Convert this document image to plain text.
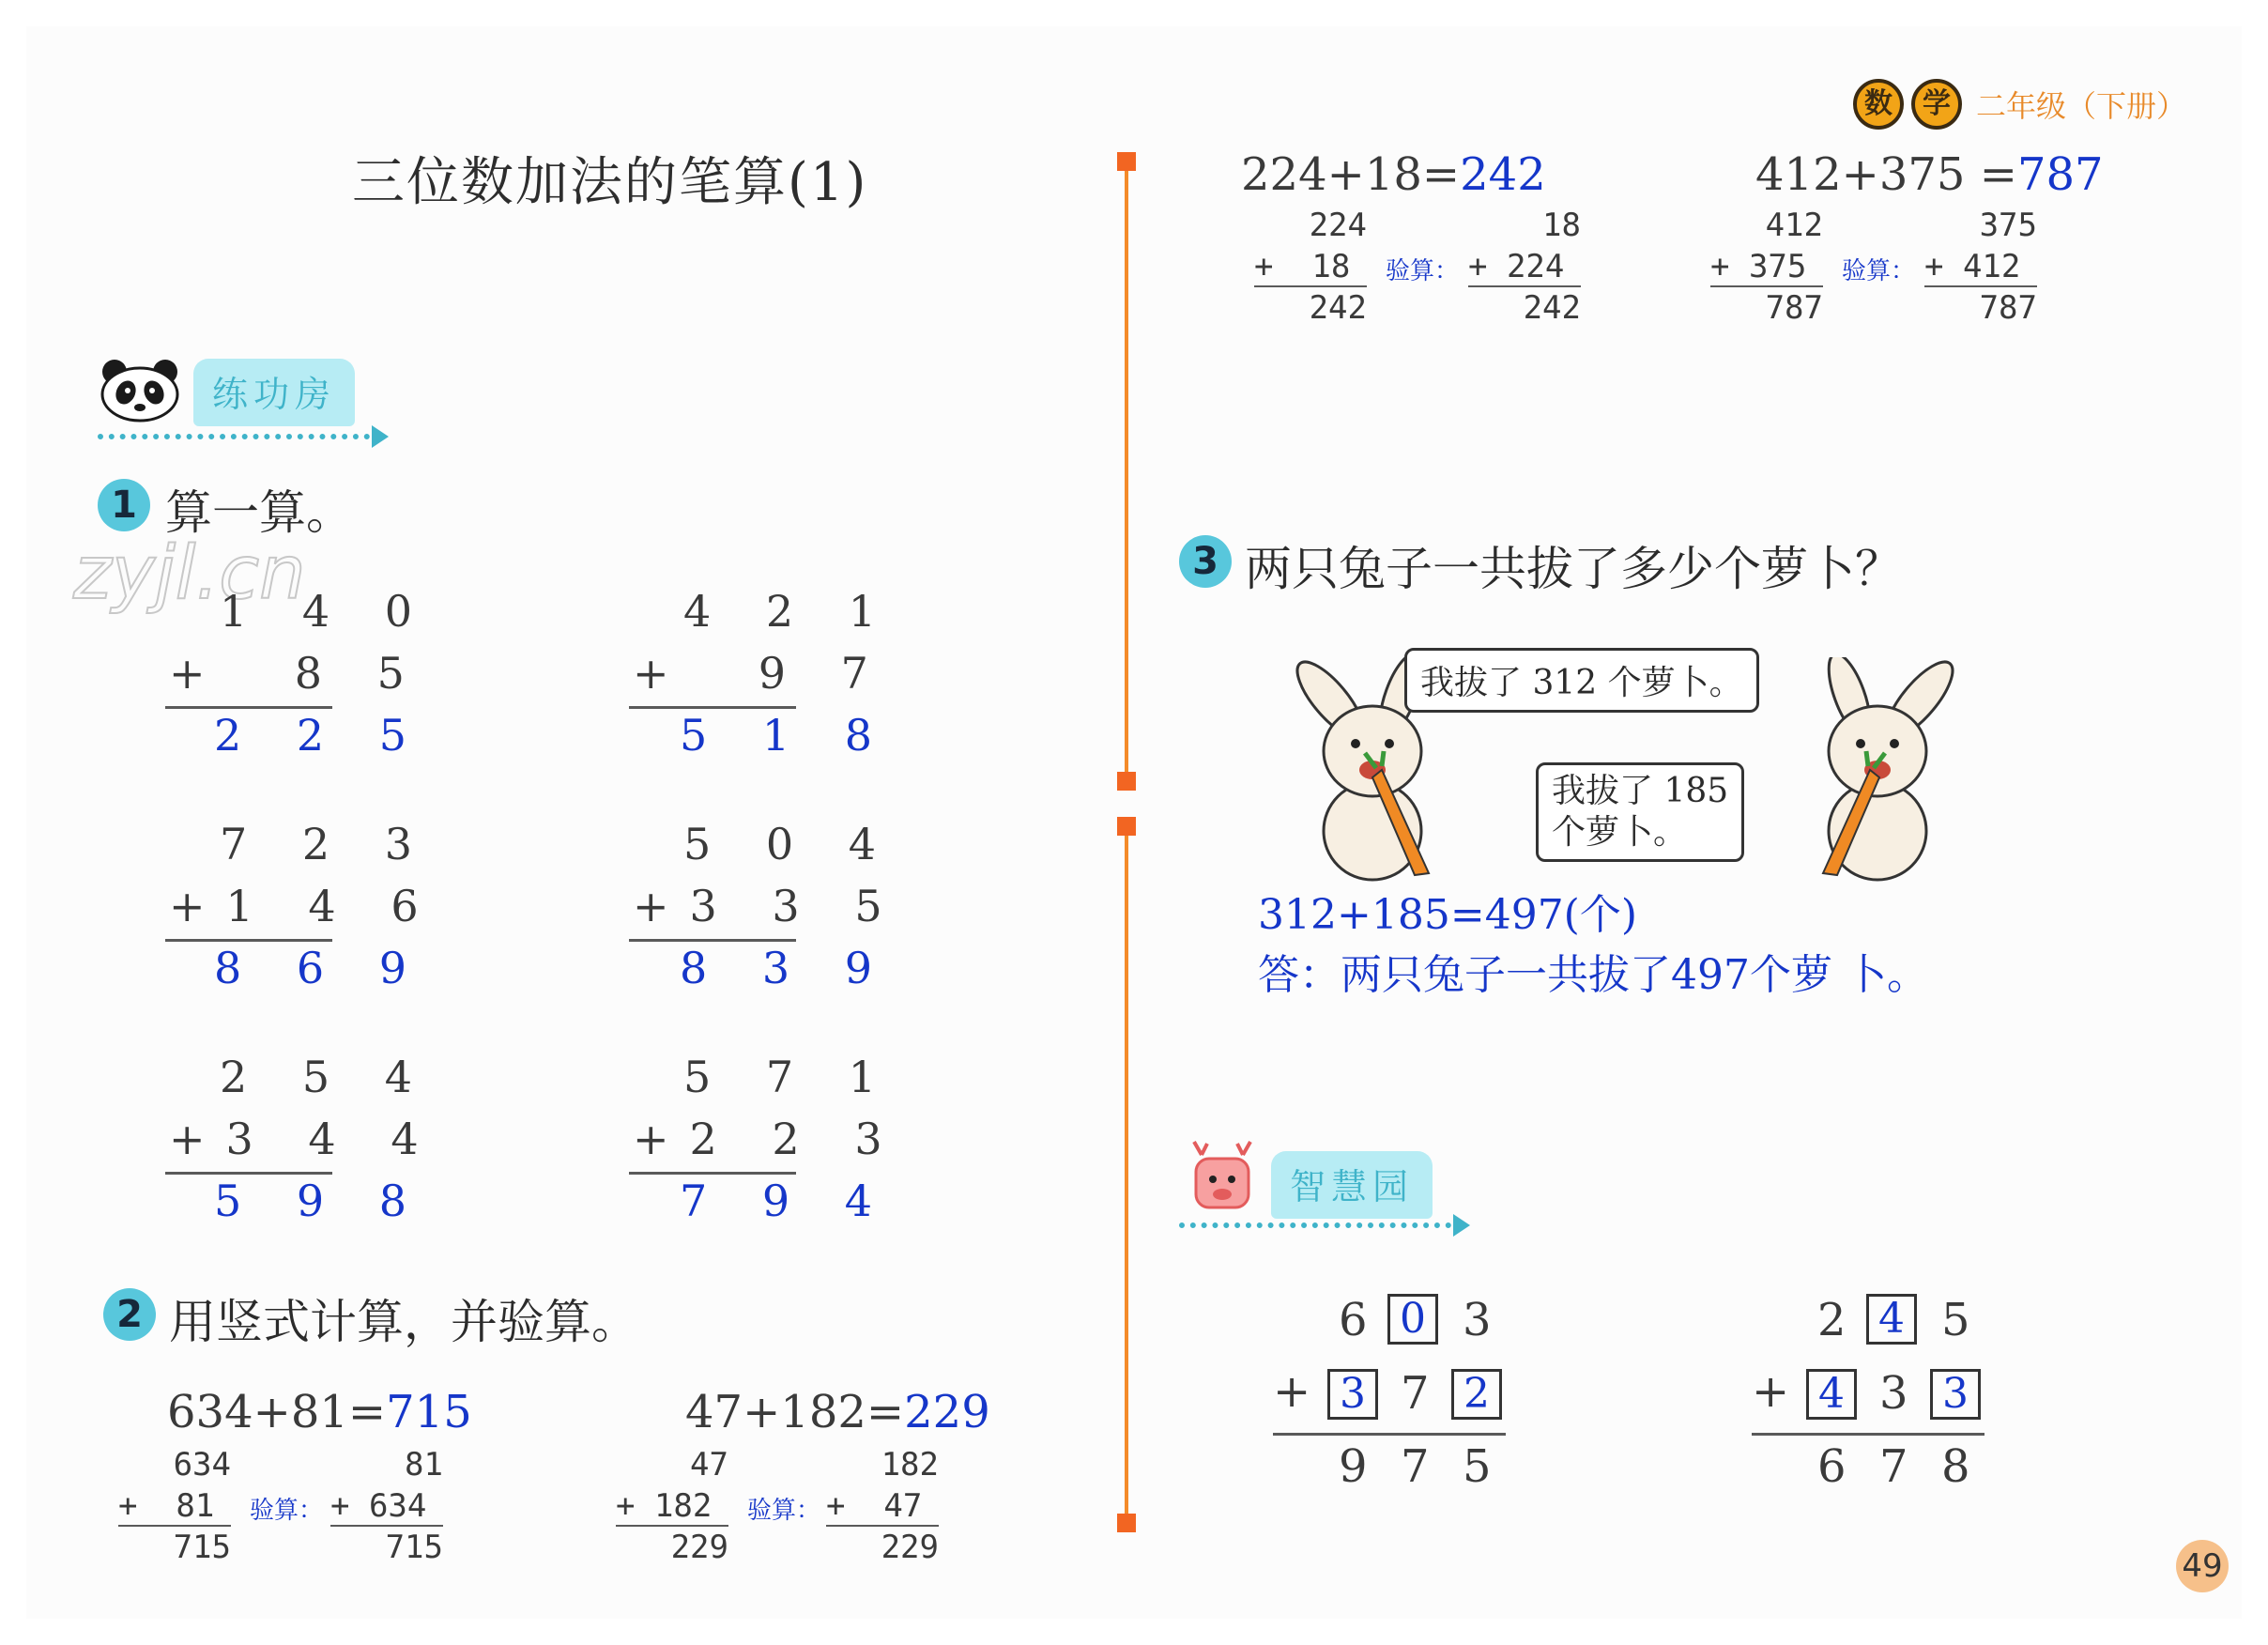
数	学 二年级（下册）
三位数加法的笔算(1)
练功房
zyjl.cn
1 算一算。
1 4 0
+  8 5
2 2 5
4 2 1
+  9 7
5 1 8
7 2 3
+1 4 6
8 6 9
5 0 4
+3 3 5
8 3 9
2 5 4
+3 4 4
5 9 8
5 7 1
+2 2 3
7 9 4
2 用竖式计算，并验算。
634+81=715
634
+  81
715
验算：
81
+ 634
715
47+182=229
47
+ 182
229
验算：
182
+  47
229
224+18=242
224
+  18
242
验算：
18
+ 224
242
412+375 =787
412
+ 375
787
验算：
375
+ 412
787
3 两只兔子一共拔了多少个萝卜？
我拔了 312 个萝卜。
我拔了 185
个萝卜。
312+185=497(个)
答：两只兔子一共拔了497个萝 卜。
智慧园
6 0 3
+ 3 7 2
9 7 5
2 4 5
+ 4 3 3
6 7 8
49
